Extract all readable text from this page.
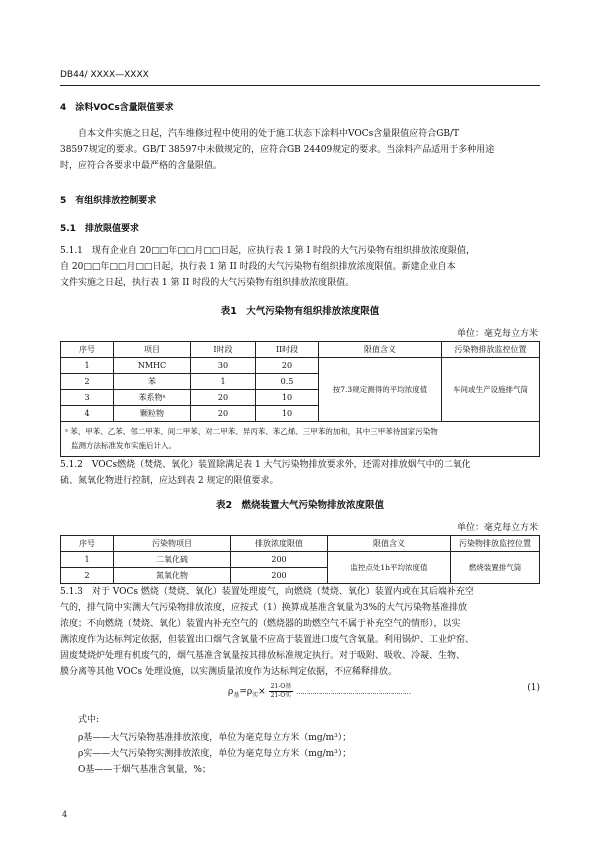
DB44/ XXXX—XXXX
4　涂料VOCs含量限值要求
自本文件实施之日起，汽车维修过程中使用的处于施工状态下涂料中VOCs含量限值应符合GB/T
38597规定的要求。GB/T 38597中未做规定的，应符合GB 24409规定的要求。当涂料产品适用于多种用途
时，应符合各要求中最严格的含量限值。
5　有组织排放控制要求
5.1　排放限值要求
5.1.1　现有企业自 20□□年□□月□□日起，应执行表 1 第 I 时段的大气污染物有组织排放浓度限值，
自 20□□年□□月□□日起，执行表 1 第 II 时段的大气污染物有组织排放浓度限值。新建企业自本
文件实施之日起，执行表 1 第 II 时段的大气污染物有组织排放浓度限值。
表1　大气污染物有组织排放浓度限值
单位：毫克每立方米
序号	项目	I时段	II时段	限值含义	污染物排放监控位置
1	NMHC	30	20	按7.3规定测得的平均浓度值	车间或生产设施排气筒
2	苯	1	0.5		
3	苯系物ᵃ	20	10		
4	颗粒物	20	10		

ᵃ 苯、甲苯、乙苯、邻二甲苯、间二甲苯、对二甲苯、异丙苯、苯乙烯、三甲苯的加和，其中三甲苯待国家污染物
监测方法标准发布实施后计入。					
5.1.2　VOCs燃烧（焚烧、氧化）装置除满足表 1 大气污染物排放要求外，还需对排放烟气中的二氧化
硫、氮氧化物进行控制，应达到表 2 规定的限值要求。
表2　燃烧装置大气污染物排放浓度限值
单位：毫克每立方米
序号	污染物项目	排放浓度限值	限值含义	污染物排放监控位置
1	二氧化硫	200	监控点处1h平均浓度值	燃烧装置排气筒
2	氮氧化物	200		
5.1.3　对于 VOCs 燃烧（焚烧、氧化）装置处理废气，向燃烧（焚烧、氧化）装置内或在其后端补充空
气的，排气筒中实测大气污染物排放浓度，应按式（1）换算成基准含氧量为3%的大气污染物基准排放
浓度；不向燃烧（焚烧、氧化）装置内补充空气的（燃烧器的助燃空气不属于补充空气的情形），以实
测浓度作为达标判定依据，但装置出口烟气含氧量不应高于装置进口废气含氧量。利用锅炉、工业炉窑、
固废焚烧炉处理有机废气的，烟气基准含氧量按其排放标准规定执行。对于吸附、吸收、冷凝、生物、
膜分离等其他 VOCs 处理设施，以实测质量浓度作为达标判定依据，不应稀释排放。
$\rho_基=\rho_实\times \frac{\text{21-O基}}{\text{21-O实}}$ …………………………………………………	(1)
式中:
ρ基——大气污染物基准排放浓度，单位为毫克每立方米（mg/m³）；
ρ实——大气污染物实测排放浓度，单位为毫克每立方米（mg/m³）；
O基——干烟气基准含氧量，%；
4
